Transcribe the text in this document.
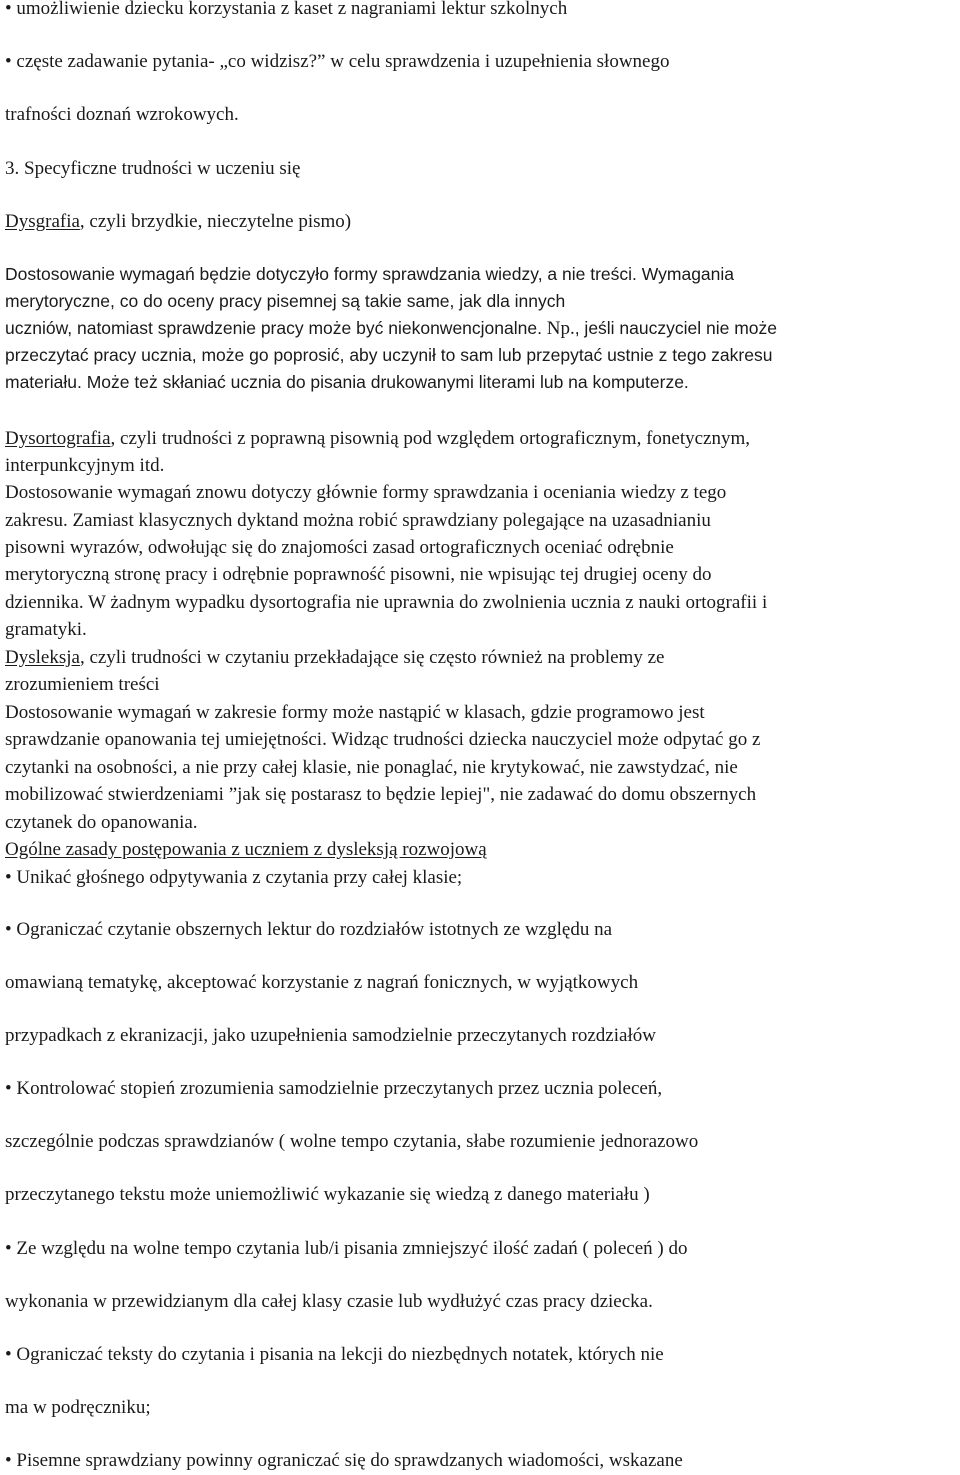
• umożliwienie dziecku korzystania z kaset z nagraniami lektur szkolnych
• częste zadawanie pytania- „co widzisz?” w celu sprawdzenia i uzupełnienia słownego
trafności doznań wzrokowych.
3. Specyficzne trudności w uczeniu się
Dysgrafia, czyli brzydkie, nieczytelne pismo)
Dostosowanie wymagań będzie dotyczyło formy sprawdzania wiedzy, a nie treści. Wymagania
merytoryczne, co do oceny pracy pisemnej są takie same, jak dla innych
uczniów, natomiast sprawdzenie pracy może być niekonwencjonalne. Np., jeśli nauczyciel nie może
przeczytać pracy ucznia, może go poprosić, aby uczynił to sam lub przepytać ustnie z tego zakresu
materiału. Może też skłaniać ucznia do pisania drukowanymi literami lub na komputerze.
Dysortografia, czyli trudności z poprawną pisownią pod względem ortograficznym, fonetycznym,
interpunkcyjnym itd.
Dostosowanie wymagań znowu dotyczy głównie formy sprawdzania i oceniania wiedzy z tego
zakresu. Zamiast klasycznych dyktand można robić sprawdziany polegające na uzasadnianiu
pisowni wyrazów, odwołując się do znajomości zasad ortograficznych oceniać odrębnie
merytoryczną stronę pracy i odrębnie poprawność pisowni, nie wpisując tej drugiej oceny do
dziennika. W żadnym wypadku dysortografia nie uprawnia do zwolnienia ucznia z nauki ortografii i
gramatyki.
Dysleksja, czyli trudności w czytaniu przekładające się często również na problemy ze
zrozumieniem treści
Dostosowanie wymagań w zakresie formy może nastąpić w klasach, gdzie programowo jest
sprawdzanie opanowania tej umiejętności. Widząc trudności dziecka nauczyciel może odpytać go z
czytanki na osobności, a nie przy całej klasie, nie ponaglać, nie krytykować, nie zawstydzać, nie
mobilizować stwierdzeniami ”jak się postarasz to będzie lepiej", nie zadawać do domu obszernych
czytanek do opanowania.
Ogólne zasady postępowania z uczniem z dysleksją rozwojową
• Unikać głośnego odpytywania z czytania przy całej klasie;
• Ograniczać czytanie obszernych lektur do rozdziałów istotnych ze względu na
omawianą tematykę, akceptować korzystanie z nagrań fonicznych, w wyjątkowych
przypadkach z ekranizacji, jako uzupełnienia samodzielnie przeczytanych rozdziałów
• Kontrolować stopień zrozumienia samodzielnie przeczytanych przez ucznia poleceń,
szczególnie podczas sprawdzianów ( wolne tempo czytania, słabe rozumienie jednorazowo
przeczytanego tekstu może uniemożliwić wykazanie się wiedzą z danego materiału )
• Ze względu na wolne tempo czytania lub/i pisania zmniejszyć ilość zadań ( poleceń ) do
wykonania w przewidzianym dla całej klasy czasie lub wydłużyć czas pracy dziecka.
• Ograniczać teksty do czytania i pisania na lekcji do niezbędnych notatek, których nie
ma w podręczniku;
• Pisemne sprawdziany powinny ograniczać się do sprawdzanych wiadomości, wskazane
